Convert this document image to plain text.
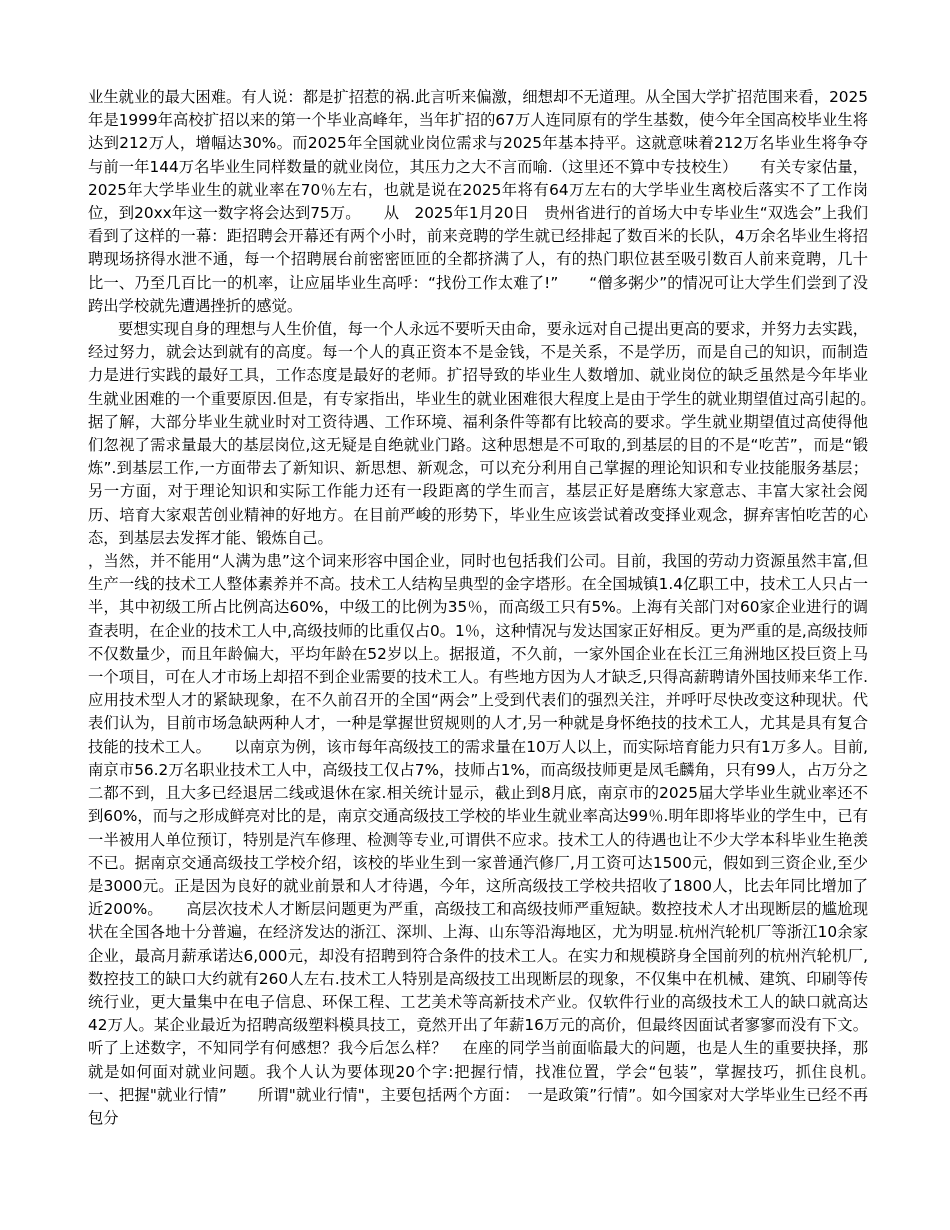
业生就业的最大困难。有人说：都是扩招惹的祸.此言听来偏激，细想却不无道理。从全国大学扩招范围来看，2025年是1999年高校扩招以来的第一个毕业高峰年，当年扩招的67万人连同原有的学生基数，使今年全国高校毕业生将达到212万人，增幅达30%。而2025年全国就业岗位需求与2025年基本持平。这就意味着212万名毕业生将争夺与前一年144万名毕业生同样数量的就业岗位，其压力之大不言而喻.（这里还不算中专技校生）　　有关专家估量，2025年大学毕业生的就业率在70％左右，也就是说在2025年将有64万左右的大学毕业生离校后落实不了工作岗位，到20xx年这一数字将会达到75万。　　从　2025年1月20日　贵州省进行的首场大中专毕业生“双选会”上我们看到了这样的一幕：距招聘会开幕还有两个小时，前来竞聘的学生就已经排起了数百米的长队，4万余名毕业生将招聘现场挤得水泄不通，每一个招聘展台前密密匝匝的全都挤满了人，有的热门职位甚至吸引数百人前来竟聘，几十比一、乃至几百比一的机率，让应届毕业生高呼：“找份工作太难了!”　　“僧多粥少”的情况可让大学生们尝到了没跨出学校就先遭遇挫折的感觉。

要想实现自身的理想与人生价值，每一个人永远不要听天由命，要永远对自己提出更高的要求，并努力去实践，经过努力，就会达到就有的高度。每一个人的真正资本不是金钱，不是关系，不是学历，而是自己的知识，而制造力是进行实践的最好工具，工作态度是最好的老师。扩招导致的毕业生人数增加、就业岗位的缺乏虽然是今年毕业生就业困难的一个重要原因.但是，有专家指出，毕业生的就业困难很大程度上是由于学生的就业期望值过高引起的。　　据了解，大部分毕业生就业时对工资待遇、工作环境、福利条件等都有比较高的要求。学生就业期望值过高使得他们忽视了需求量最大的基层岗位,这无疑是自绝就业门路。这种思想是不可取的,到基层的目的不是“吃苦”，而是“锻炼”.到基层工作,一方面带去了新知识、新思想、新观念，可以充分利用自己掌握的理论知识和专业技能服务基层；另一方面，对于理论知识和实际工作能力还有一段距离的学生而言，基层正好是磨练大家意志、丰富大家社会阅历、培育大家艰苦创业精神的好地方。在目前严峻的形势下，毕业生应该尝试着改变择业观念，摒弃害怕吃苦的心态，到基层去发挥才能、锻炼自己。

，当然，并不能用“人满为患”这个词来形容中国企业，同时也包括我们公司。目前，我国的劳动力资源虽然丰富,但生产一线的技术工人整体素养并不高。技术工人结构呈典型的金字塔形。在全国城镇1.4亿职工中，技术工人只占一半，其中初级工所占比例高达60%，中级工的比例为35％，而高级工只有5%。上海有关部门对60家企业进行的调查表明，在企业的技术工人中,高级技师的比重仅占0。1％，这种情况与发达国家正好相反。更为严重的是,高级技师不仅数量少，而且年龄偏大，平均年龄在52岁以上。据报道，不久前，一家外国企业在长江三角洲地区投巨资上马一个项目，可在人才市场上却招不到企业需要的技术工人。有些地方因为人才缺乏,只得高薪聘请外国技师来华工作.　　应用技术型人才的紧缺现象，在不久前召开的全国“两会”上受到代表们的强烈关注，并呼吁尽快改变这种现状。代表们认为，目前市场急缺两种人才，一种是掌握世贸规则的人才,另一种就是身怀绝技的技术工人，尤其是具有复合技能的技术工人。　　以南京为例，该市每年高级技工的需求量在10万人以上，而实际培育能力只有1万多人。目前,南京市56.2万名职业技术工人中，高级技工仅占7%，技师占1%，而高级技师更是凤毛麟角，只有99人，占万分之二都不到，且大多已经退居二线或退休在家.相关统计显示，截止到8月底，南京市的2025届大学毕业生就业率还不到60%，而与之形成鲜亮对比的是，南京交通高级技工学校的毕业生就业率高达99％.明年即将毕业的学生中，已有一半被用人单位预订，特别是汽车修理、检测等专业,可谓供不应求。技术工人的待遇也让不少大学本科毕业生艳羡不已。据南京交通高级技工学校介绍，该校的毕业生到一家普通汽修厂,月工资可达1500元，假如到三资企业,至少是3000元。正是因为良好的就业前景和人才待遇，今年，这所高级技工学校共招收了1800人，比去年同比增加了近200%。　　高层次技术人才断层问题更为严重，高级技工和高级技师严重短缺。数控技术人才出现断层的尴尬现状在全国各地十分普遍，在经济发达的浙江、深圳、上海、山东等沿海地区，尤为明显.杭州汽轮机厂等浙江10余家企业，最高月薪承诺达6,000元，却没有招聘到符合条件的技术工人。在实力和规模跻身全国前列的杭州汽轮机厂,数控技工的缺口大约就有260人左右.技术工人特别是高级技工出现断层的现象，不仅集中在机械、建筑、印刷等传统行业，更大量集中在电子信息、环保工程、工艺美术等高新技术产业。仅软件行业的高级技术工人的缺口就高达42万人。某企业最近为招聘高级塑料模具技工，竟然开出了年薪16万元的高价，但最终因面试者寥寥而没有下文。听了上述数字，不知同学有何感想？我今后怎么样？　在座的同学当前面临最大的问题，也是人生的重要抉择，那就是如何面对就业问题。我个人认为要体现20个字:把握行情，找准位置，学会“包装”，掌握技巧，抓住良机。　　一、把握"就业行情”　　所谓"就业行情"，主要包括两个方面：　一是政策”行情”。如今国家对大学毕业生已经不再包分
